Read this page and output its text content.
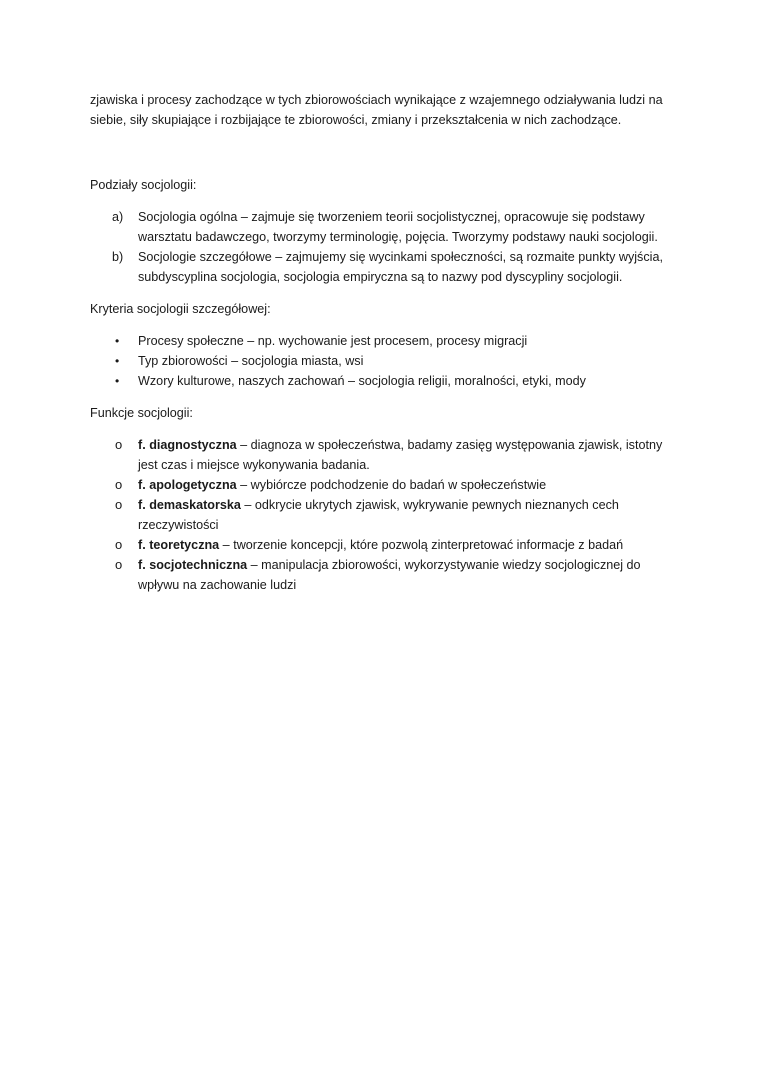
zjawiska i procesy zachodzące w tych zbiorowościach wynikające z wzajemnego odziaływania ludzi na siebie, siły skupiające i rozbijające te zbiorowości, zmiany i przekształcenia w nich zachodzące.

Podziały socjologii:

a)	Socjologia ogólna – zajmuje się tworzeniem teorii socjolistycznej, opracowuje się podstawy warsztatu badawczego, tworzymy terminologię, pojęcia. Tworzymy podstawy nauki socjologii.
b)	Socjologie szczegółowe – zajmujemy się wycinkami społeczności, są rozmaite punkty wyjścia, subdyscyplina socjologia, socjologia empiryczna są to nazwy pod dyscypliny socjologii.

Kryteria socjologii szczegółowej:

•	Procesy społeczne – np. wychowanie jest procesem, procesy migracji
•	Typ zbiorowości – socjologia miasta, wsi
•	Wzory kulturowe, naszych zachowań – socjologia religii, moralności, etyki, mody

Funkcje socjologii:

o	f. diagnostyczna – diagnoza w społeczeństwa, badamy zasięg występowania zjawisk, istotny jest czas i miejsce wykonywania badania.
o	f. apologetyczna – wybiórcze podchodzenie do badań w społeczeństwie
o	f. demaskatorska – odkrycie ukrytych zjawisk, wykrywanie pewnych nieznanych cech rzeczywistości
o	f. teoretyczna – tworzenie koncepcji, które pozwolą zinterpretować informacje z badań
o	f. socjotechniczna – manipulacja zbiorowości, wykorzystywanie wiedzy socjologicznej do wpływu na zachowanie ludzi
